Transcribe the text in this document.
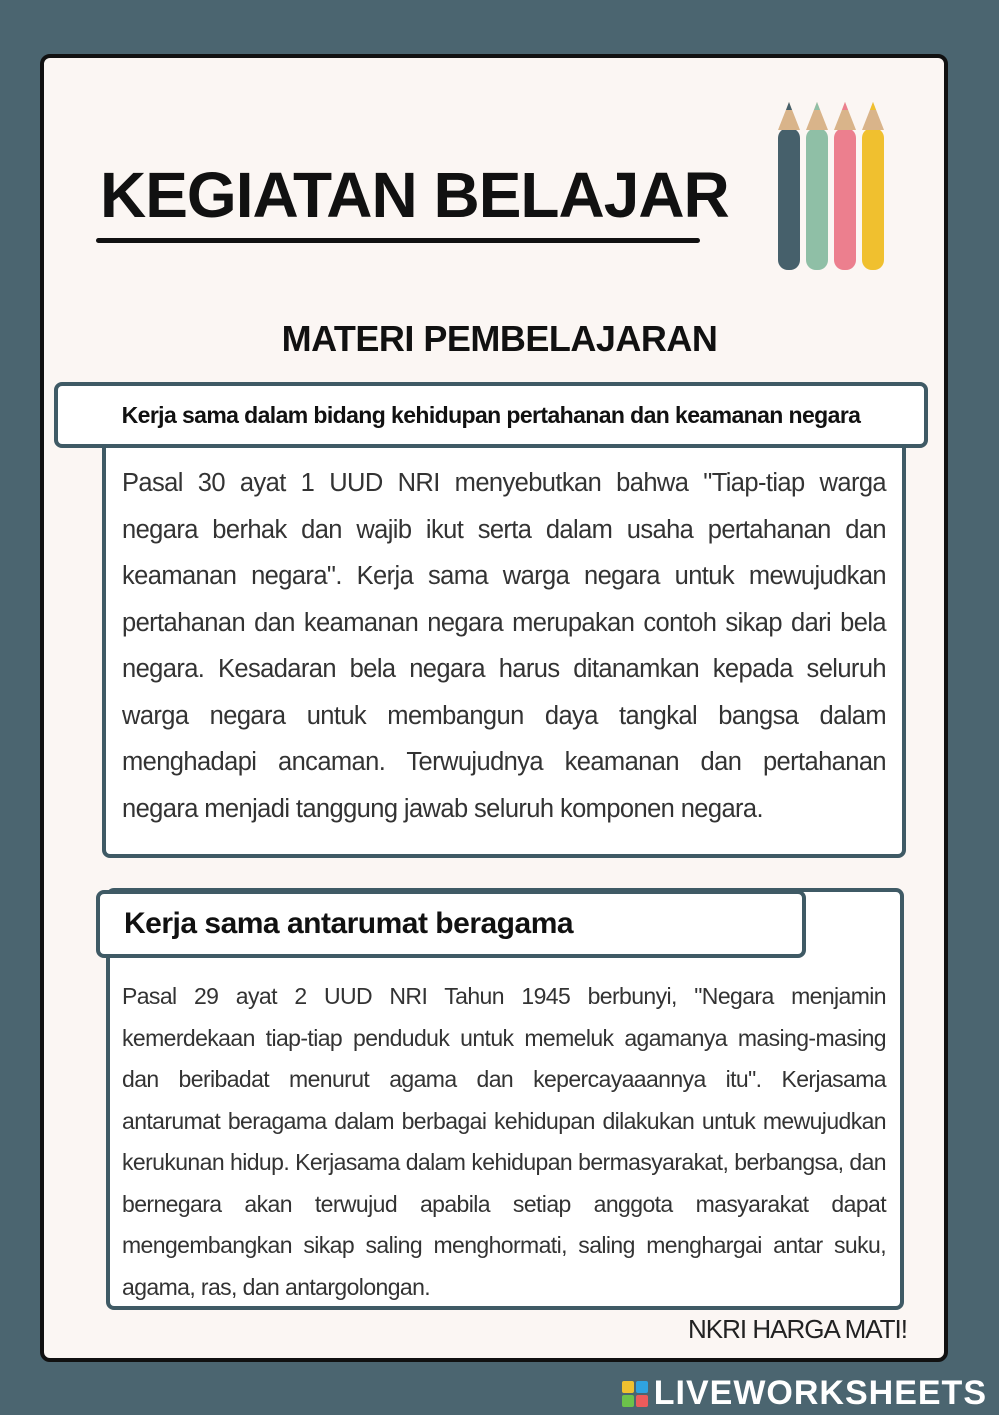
KEGIATAN BELAJAR
MATERI PEMBELAJARAN
Kerja sama dalam bidang kehidupan pertahanan dan keamanan negara
Pasal 30 ayat 1 UUD NRI menyebutkan bahwa "Tiap-tiap warga negara berhak dan wajib ikut serta dalam usaha pertahanan dan keamanan negara". Kerja sama warga negara untuk mewujudkan pertahanan dan keamanan negara merupakan contoh sikap dari bela negara. Kesadaran bela negara harus ditanamkan kepada seluruh warga negara untuk membangun daya tangkal bangsa dalam menghadapi ancaman. Terwujudnya keamanan dan pertahanan negara menjadi tanggung jawab seluruh komponen negara.
Kerja sama antarumat beragama
Pasal 29 ayat 2 UUD NRI Tahun 1945 berbunyi, "Negara menjamin kemerdekaan tiap-tiap penduduk untuk memeluk agamanya masing-masing dan beribadat menurut agama dan kepercayaaannya itu". Kerjasama antarumat beragama dalam berbagai kehidupan dilakukan untuk mewujudkan kerukunan hidup. Kerjasama dalam kehidupan bermasyarakat, berbangsa, dan bernegara akan terwujud apabila setiap anggota masyarakat dapat mengembangkan sikap saling menghormati, saling menghargai antar suku, agama, ras, dan antargolongan.
NKRI HARGA MATI!
LIVEWORKSHEETS
